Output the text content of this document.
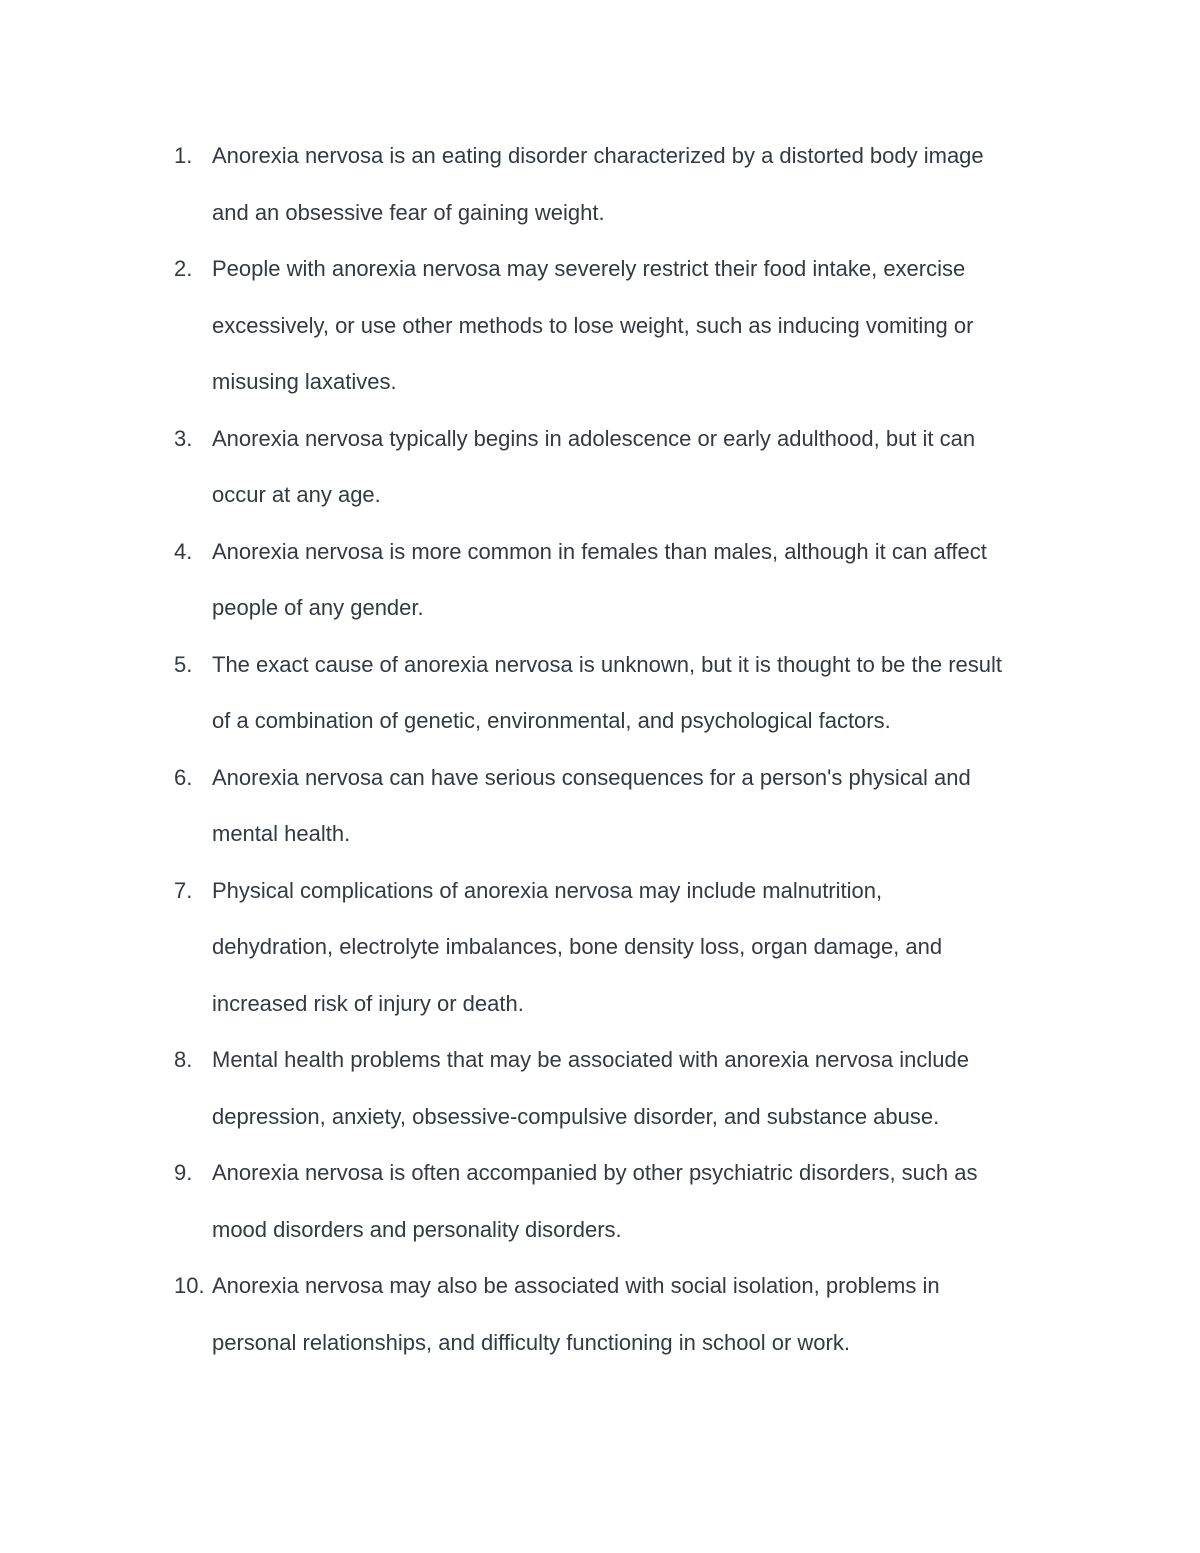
1. Anorexia nervosa is an eating disorder characterized by a distorted body image
and an obsessive fear of gaining weight.
2. People with anorexia nervosa may severely restrict their food intake, exercise
excessively, or use other methods to lose weight, such as inducing vomiting or
misusing laxatives.
3. Anorexia nervosa typically begins in adolescence or early adulthood, but it can
occur at any age.
4. Anorexia nervosa is more common in females than males, although it can affect
people of any gender.
5. The exact cause of anorexia nervosa is unknown, but it is thought to be the result
of a combination of genetic, environmental, and psychological factors.
6. Anorexia nervosa can have serious consequences for a person's physical and
mental health.
7. Physical complications of anorexia nervosa may include malnutrition,
dehydration, electrolyte imbalances, bone density loss, organ damage, and
increased risk of injury or death.
8. Mental health problems that may be associated with anorexia nervosa include
depression, anxiety, obsessive-compulsive disorder, and substance abuse.
9. Anorexia nervosa is often accompanied by other psychiatric disorders, such as
mood disorders and personality disorders.
10. Anorexia nervosa may also be associated with social isolation, problems in
personal relationships, and difficulty functioning in school or work.
